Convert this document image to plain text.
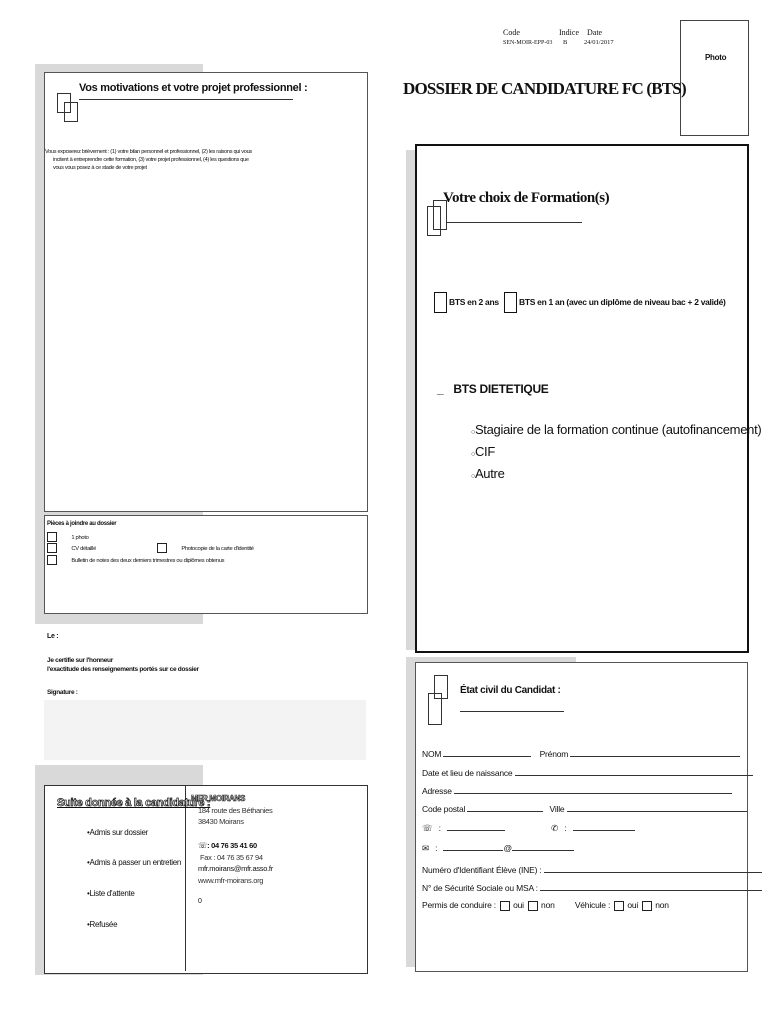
Code	Indice Date
SEN-MOIR-EPP-03 B	24/01/2017
Photo
DOSSIER DE CANDIDATURE FC (BTS)
Vos motivations et votre projet professionnel :
Vous exposerez brièvement : (1) votre bilan personnel et professionnel, (2) les raisons qui vous
incitent à entreprendre cette formation, (3) votre projet professionnel, (4) les questions que
vous vous posez à ce stade de votre projet
Pièces à joindre au dossier
1 photo
CV détaillé	Photocopie de la carte d'identité
Bulletin de notes des deux derniers trimestres ou diplômes obtenus
Le :
Je certifie sur l'honneur
l'exactitude des renseignements portés sur ce dossier
Signature :
Suite donnée à la candidature :
•Admis sur dossier
•Admis à passer un entretien
•Liste d'attente
•Refusée
MFR MOIRANS
184 route des Béthanies
38430 Moirans
☏: 04 76 35 41 60
Fax : 04 76 35 67 94
mfr.moirans@mfr.asso.fr
www.mfr-moirans.org
0
Votre choix de Formation(s)
BTS en 2 ans	BTS en 1 an (avec un diplôme de niveau bac + 2 validé)
_ BTS DIETETIQUE
○Stagiaire de la formation continue (autofinancement)
○CIF
○Autre
État civil du Candidat :
NOM	Prénom
Date et lieu de naissance
Adresse
Code postal	Ville
☏ :	✆ :
✉ :	@
Numéro d'Identifiant Élève (INE) :
N° de Sécurité Sociale ou MSA :
Permis de conduire : oui non Véhicule : oui non
